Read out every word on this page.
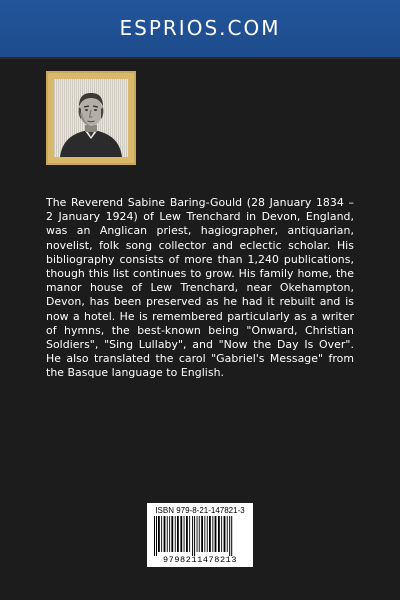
ESPRIOS.COM
The Reverend Sabine Baring-Gould (28 January 1834 – 2 January 1924) of Lew Trenchard in Devon, England, was an Anglican priest, hagiographer, antiquarian, novelist, folk song collector and eclectic scholar. His bibliography consists of more than 1,240 publications, though this list continues to grow. His family home, the manor house of Lew Trenchard, near Okehampton, Devon, has been preserved as he had it rebuilt and is now a hotel. He is remembered particularly as a writer of hymns, the best-known being "Onward, Christian Soldiers", "Sing Lullaby", and "Now the Day Is Over". He also translated the carol "Gabriel's Message" from the Basque language to English.
ISBN 979-8-21-147821-3
9798211478213
